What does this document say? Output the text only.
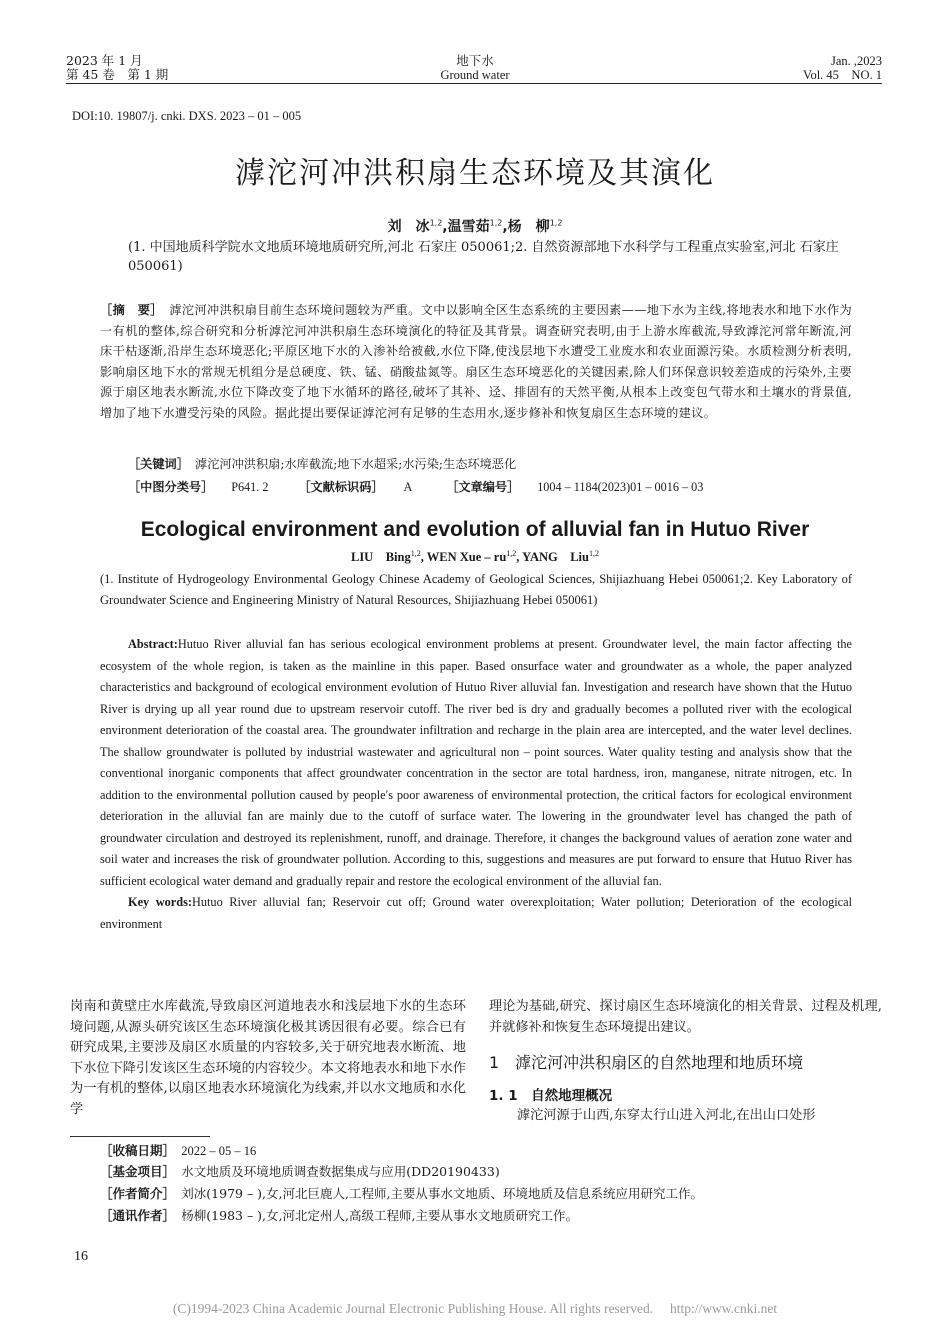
2023 年 1 月
第 45 卷　第 1 期
地下水
Ground water
Jan. ,2023
Vol. 45　NO. 1
DOI:10. 19807/j. cnki. DXS. 2023 – 01 – 005
滹沱河冲洪积扇生态环境及其演化
刘　冰$^{1,2}$,温雪茹$^{1,2}$,杨　柳$^{1,2}$
(1. 中国地质科学院水文地质环境地质研究所,河北 石家庄 050061;2. 自然资源部地下水科学与工程重点实验室,河北 石家庄 050061)
［摘　要］　 滹沱河冲洪积扇目前生态环境问题较为严重。文中以影响全区生态系统的主要因素——地下水为主线,将地表水和地下水作为一有机的整体,综合研究和分析滹沱河冲洪积扇生态环境演化的特征及其背景。调查研究表明,由于上游水库截流,导致滹沱河常年断流,河床干枯逐渐,沿岸生态环境恶化;平原区地下水的入渗补给被截,水位下降,使浅层地下水遭受工业废水和农业面源污染。水质检测分析表明,影响扇区地下水的常规无机组分是总硬度、铁、锰、硝酸盐氮等。扇区生态环境恶化的关键因素,除人们环保意识较差造成的污染外,主要源于扇区地表水断流,水位下降改变了地下水循环的路径,破坏了其补、迳、排固有的天然平衡,从根本上改变包气带水和土壤水的背景值,增加了地下水遭受污染的风险。据此提出要保证滹沱河有足够的生态用水,逐步修补和恢复扇区生态环境的建议。
［关键词］　 滹沱河冲洪积扇;水库截流;地下水超采;水污染;生态环境恶化
［中图分类号］ P641. 2 ［文献标识码］ A	［文章编号］ 1004 – 1184(2023)01 – 0016 – 03
Ecological environment and evolution of alluvial fan in Hutuo River
LIU　Bing$^{1,2}$, WEN Xue – ru$^{1,2}$, YANG　Liu$^{1,2}$
(1. Institute of Hydrogeology Environmental Geology Chinese Academy of Geological Sciences, Shijiazhuang Hebei 050061;2. Key Laboratory of Groundwater Science and Engineering Ministry of Natural Resources, Shijiazhuang Hebei 050061)
Abstract:Hutuo River alluvial fan has serious ecological environment problems at present. Groundwater level, the main factor affecting the ecosystem of the whole region, is taken as the mainline in this paper. Based onsurface water and groundwater as a whole, the paper analyzed characteristics and background of ecological environment evolution of Hutuo River alluvial fan. Investigation and research have shown that the Hutuo River is drying up all year round due to upstream reservoir cutoff. The river bed is dry and gradually becomes a polluted river with the ecological environment deterioration of the coastal area. The groundwater infiltration and recharge in the plain area are intercepted, and the water level declines. The shallow groundwater is polluted by industrial wastewater and agricultural non – point sources. Water quality testing and analysis show that the conventional inorganic components that affect groundwater concentration in the sector are total hardness, iron, manganese, nitrate nitrogen, etc. In addition to the environmental pollution caused by people′s poor awareness of environmental protection, the critical factors for ecological environment deterioration in the alluvial fan are mainly due to the cutoff of surface water. The lowering in the groundwater level has changed the path of groundwater circulation and destroyed its replenishment, runoff, and drainage. Therefore, it changes the background values of aeration zone water and soil water and increases the risk of groundwater pollution. According to this, suggestions and measures are put forward to ensure that Hutuo River has sufficient ecological water demand and gradually repair and restore the ecological environment of the alluvial fan.
Key words:Hutuo River alluvial fan; Reservoir cut off; Ground water overexploitation; Water pollution; Deterioration of the ecological environment
岗南和黄壁庄水库截流,导致扇区河道地表水和浅层地下水的生态环境问题,从源头研究该区生态环境演化极其诱因很有必要。综合已有研究成果,主要涉及扇区水质量的内容较多,关于研究地表水断流、地下水位下降引发该区生态环境的内容较少。本文将地表水和地下水作为一有机的整体,以扇区地表水环境演化为线索,并以水文地质和水化学
理论为基础,研究、探讨扇区生态环境演化的相关背景、过程及机理,并就修补和恢复生态环境提出建议。
1　滹沱河冲洪积扇区的自然地理和地质环境
1. 1　自然地理概况
滹沱河源于山西,东穿太行山进入河北,在出山口处形
［收稿日期］　 2022 – 05 – 16
［基金项目］　 水文地质及环境地质调查数据集成与应用(DD20190433)
［作者简介］　 刘冰(1979 – ),女,河北巨鹿人,工程师,主要从事水文地质、环境地质及信息系统应用研究工作。
［通讯作者］　 杨柳(1983 – ),女,河北定州人,高级工程师,主要从事水文地质研究工作。
16
(C)1994-2023 China Academic Journal Electronic Publishing House. All rights reserved.　 http://www.cnki.net
